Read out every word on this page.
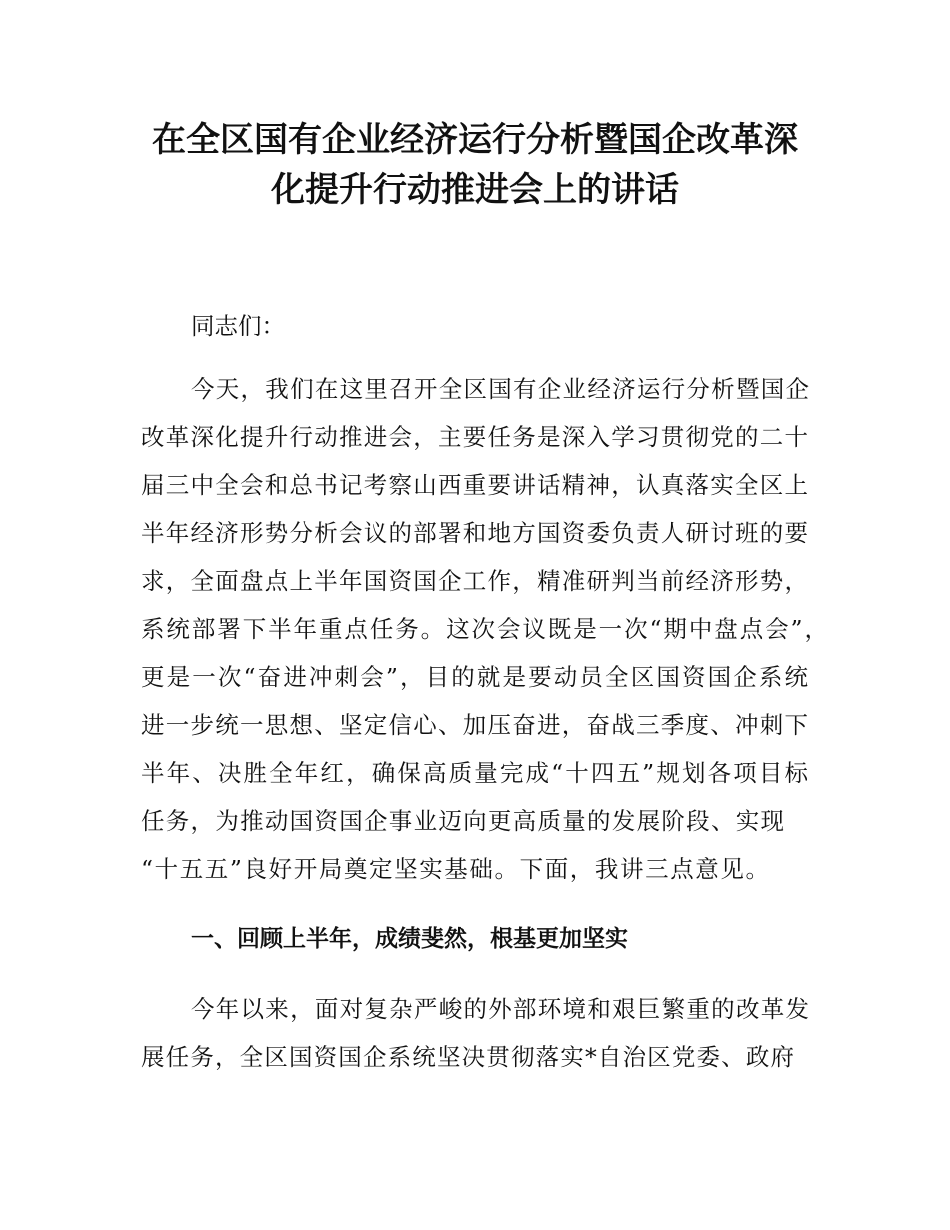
在全区国有企业经济运行分析暨国企改革深
化提升行动推进会上的讲话
同志们：
今天，我们在这里召开全区国有企业经济运行分析暨国企
改革深化提升行动推进会，主要任务是深入学习贯彻党的二十
届三中全会和总书记考察山西重要讲话精神，认真落实全区上
半年经济形势分析会议的部署和地方国资委负责人研讨班的要
求，全面盘点上半年国资国企工作，精准研判当前经济形势，
系统部署下半年重点任务。这次会议既是一次“期中盘点会”，
更是一次“奋进冲刺会”，目的就是要动员全区国资国企系统
进一步统一思想、坚定信心、加压奋进，奋战三季度、冲刺下
半年、决胜全年红，确保高质量完成“十四五”规划各项目标
任务，为推动国资国企事业迈向更高质量的发展阶段、实现
“十五五”良好开局奠定坚实基础。下面，我讲三点意见。
一、回顾上半年，成绩斐然，根基更加坚实
今年以来，面对复杂严峻的外部环境和艰巨繁重的改革发
展任务，全区国资国企系统坚决贯彻落实*自治区党委、政府
